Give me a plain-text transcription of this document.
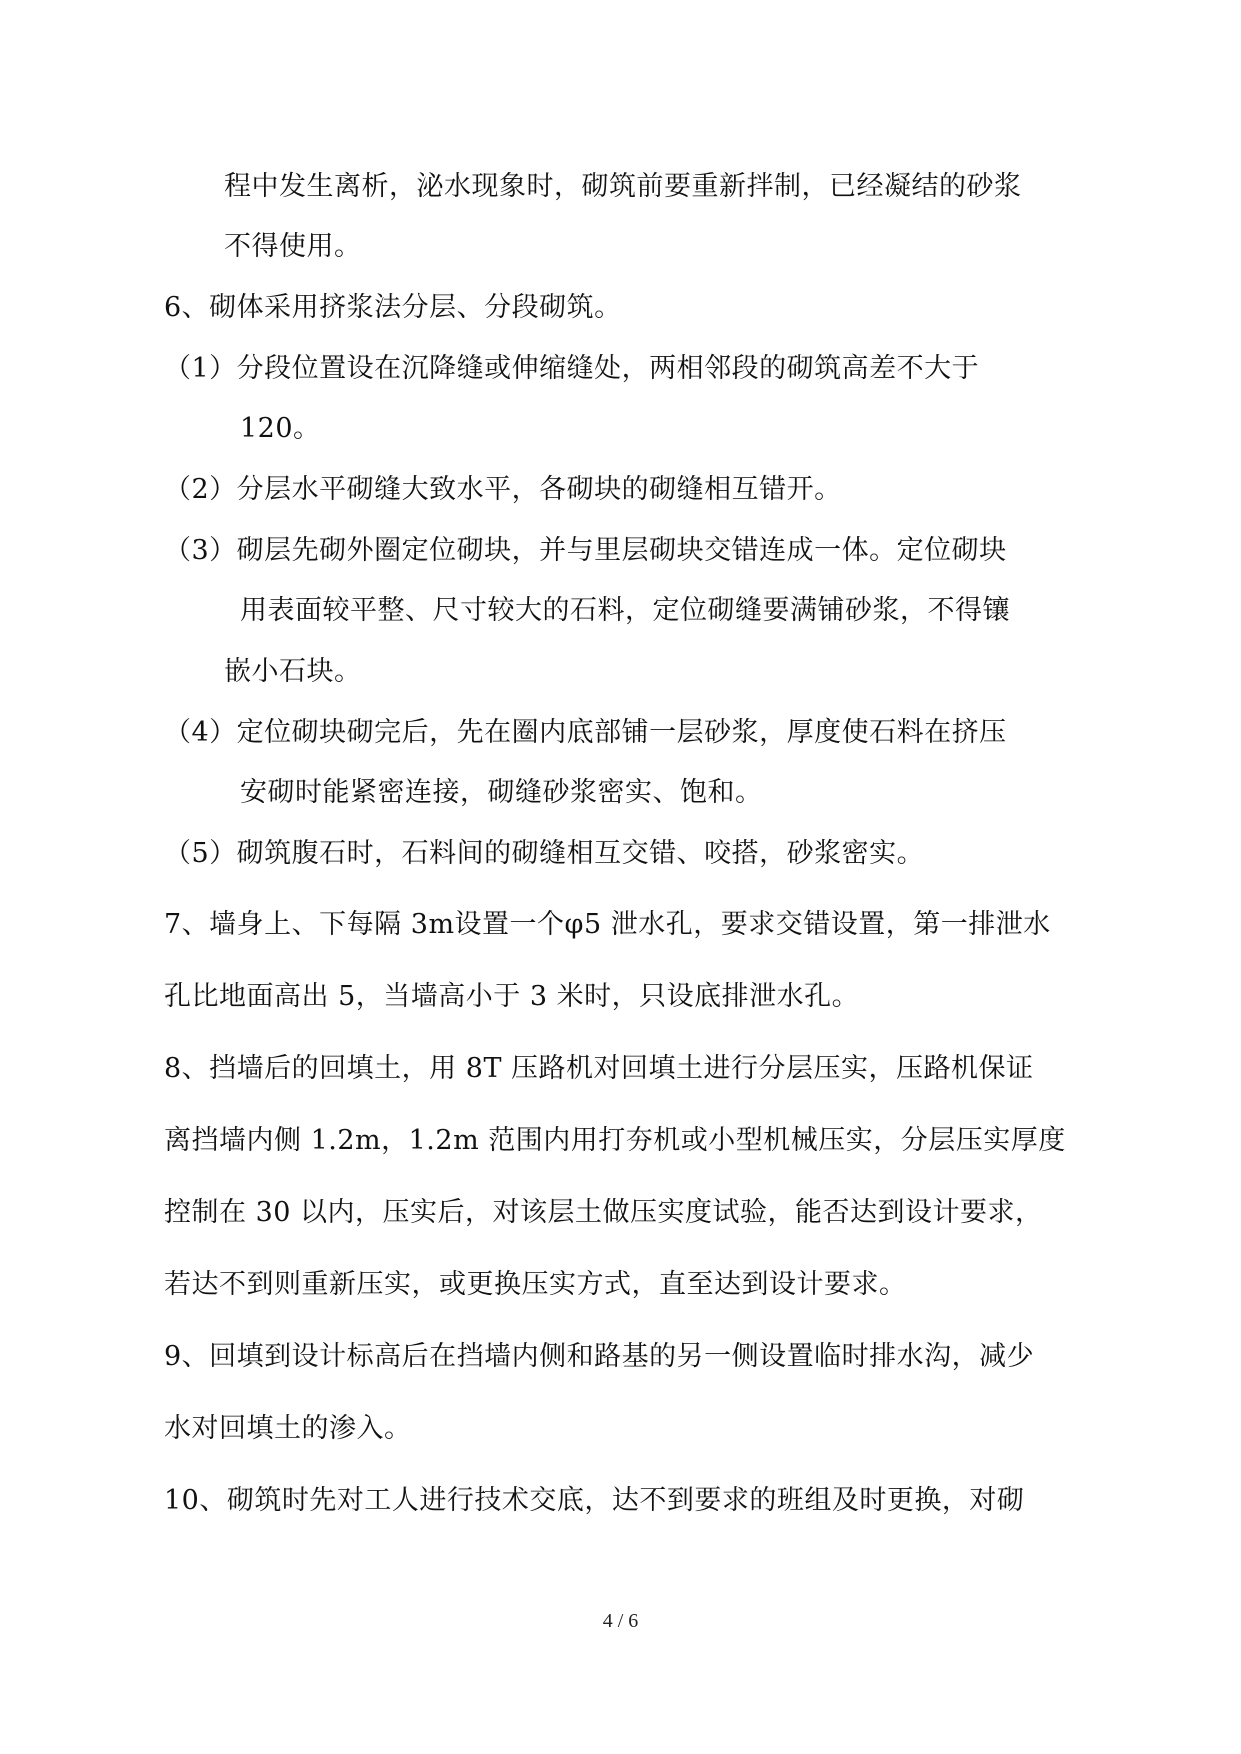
程中发生离析，泌水现象时，砌筑前要重新拌制，已经凝结的砂浆
不得使用。
6、砌体采用挤浆法分层、分段砌筑。
（1）分段位置设在沉降缝或伸缩缝处，两相邻段的砌筑高差不大于
120。
（2）分层水平砌缝大致水平，各砌块的砌缝相互错开。
（3）砌层先砌外圈定位砌块，并与里层砌块交错连成一体。定位砌块
用表面较平整、尺寸较大的石料，定位砌缝要满铺砂浆，不得镶
嵌小石块。
（4）定位砌块砌完后，先在圈内底部铺一层砂浆，厚度使石料在挤压
安砌时能紧密连接，砌缝砂浆密实、饱和。
（5）砌筑腹石时，石料间的砌缝相互交错、咬搭，砂浆密实。
7、墙身上、下每隔 3m设置一个φ5 泄水孔，要求交错设置，第一排泄水
孔比地面高出 5，当墙高小于 3 米时，只设底排泄水孔。
8、挡墙后的回填土，用 8T 压路机对回填土进行分层压实，压路机保证
离挡墙内侧 1.2m，1.2m 范围内用打夯机或小型机械压实，分层压实厚度
控制在 30 以内，压实后，对该层土做压实度试验，能否达到设计要求，
若达不到则重新压实，或更换压实方式，直至达到设计要求。
9、回填到设计标高后在挡墙内侧和路基的另一侧设置临时排水沟，减少
水对回填土的渗入。
10、砌筑时先对工人进行技术交底，达不到要求的班组及时更换，对砌
4 / 6
